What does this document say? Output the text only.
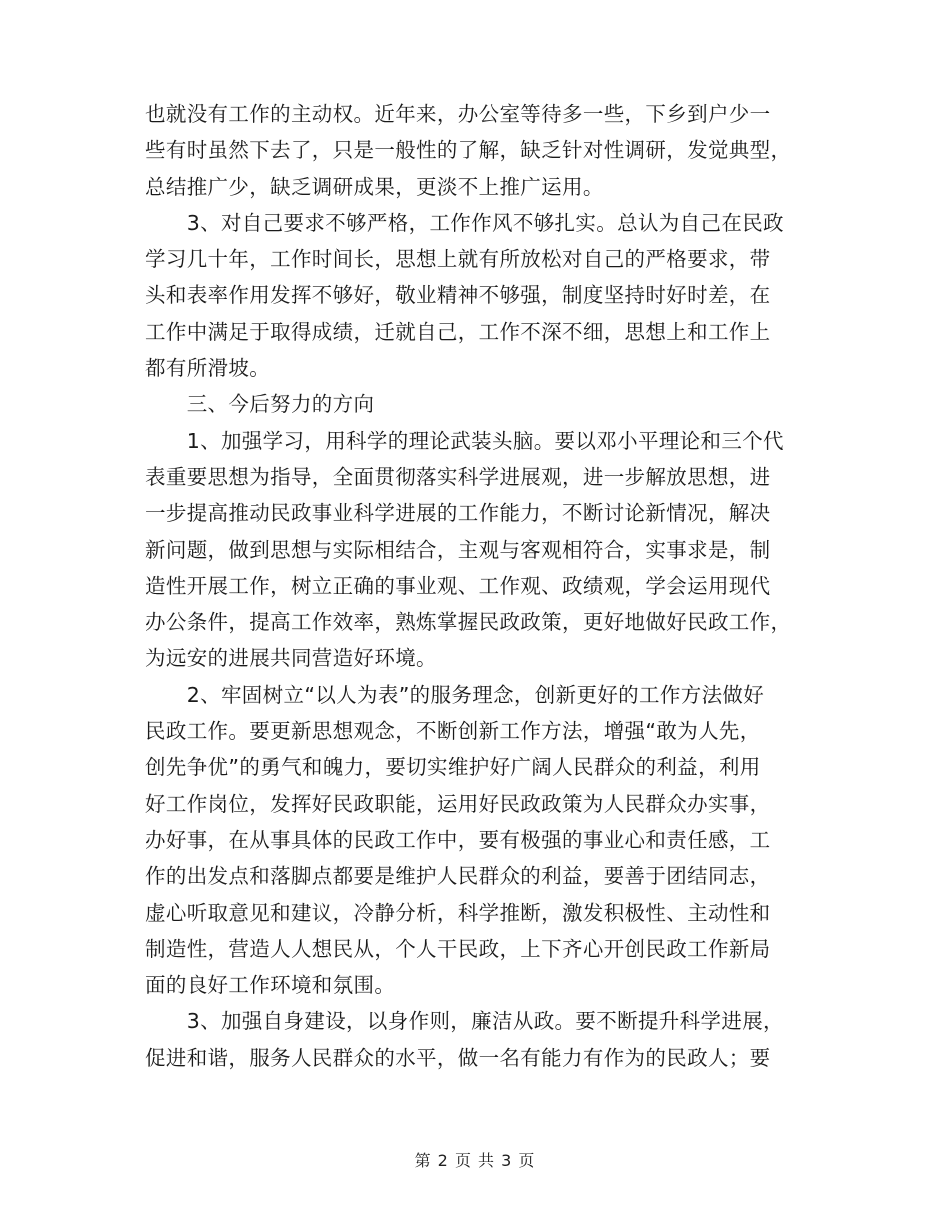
也就没有工作的主动权。近年来，办公室等待多一些，下乡到户少一
些有时虽然下去了，只是一般性的了解，缺乏针对性调研，发觉典型，
总结推广少，缺乏调研成果，更淡不上推广运用。
　　3、对自己要求不够严格，工作作风不够扎实。总认为自己在民政
学习几十年，工作时间长，思想上就有所放松对自己的严格要求，带
头和表率作用发挥不够好，敬业精神不够强，制度坚持时好时差，在
工作中满足于取得成绩，迁就自己，工作不深不细，思想上和工作上
都有所滑坡。
　　三、今后努力的方向
　　1、加强学习，用科学的理论武装头脑。要以邓小平理论和三个代
表重要思想为指导，全面贯彻落实科学进展观，进一步解放思想，进
一步提高推动民政事业科学进展的工作能力，不断讨论新情况，解决
新问题，做到思想与实际相结合，主观与客观相符合，实事求是，制
造性开展工作，树立正确的事业观、工作观、政绩观，学会运用现代
办公条件，提高工作效率，熟炼掌握民政政策，更好地做好民政工作，
为远安的进展共同营造好环境。
　　2、牢固树立“以人为表”的服务理念，创新更好的工作方法做好
民政工作。要更新思想观念，不断创新工作方法，增强“敢为人先，
创先争优”的勇气和魄力，要切实维护好广阔人民群众的利益，利用
好工作岗位，发挥好民政职能，运用好民政政策为人民群众办实事，
办好事，在从事具体的民政工作中，要有极强的事业心和责任感，工
作的出发点和落脚点都要是维护人民群众的利益，要善于团结同志，
虚心听取意见和建议，冷静分析，科学推断，激发积极性、主动性和
制造性，营造人人想民从，个人干民政，上下齐心开创民政工作新局
面的良好工作环境和氛围。
　　3、加强自身建设，以身作则，廉洁从政。要不断提升科学进展，
促进和谐，服务人民群众的水平，做一名有能力有作为的民政人；要
第 2 页 共 3 页
